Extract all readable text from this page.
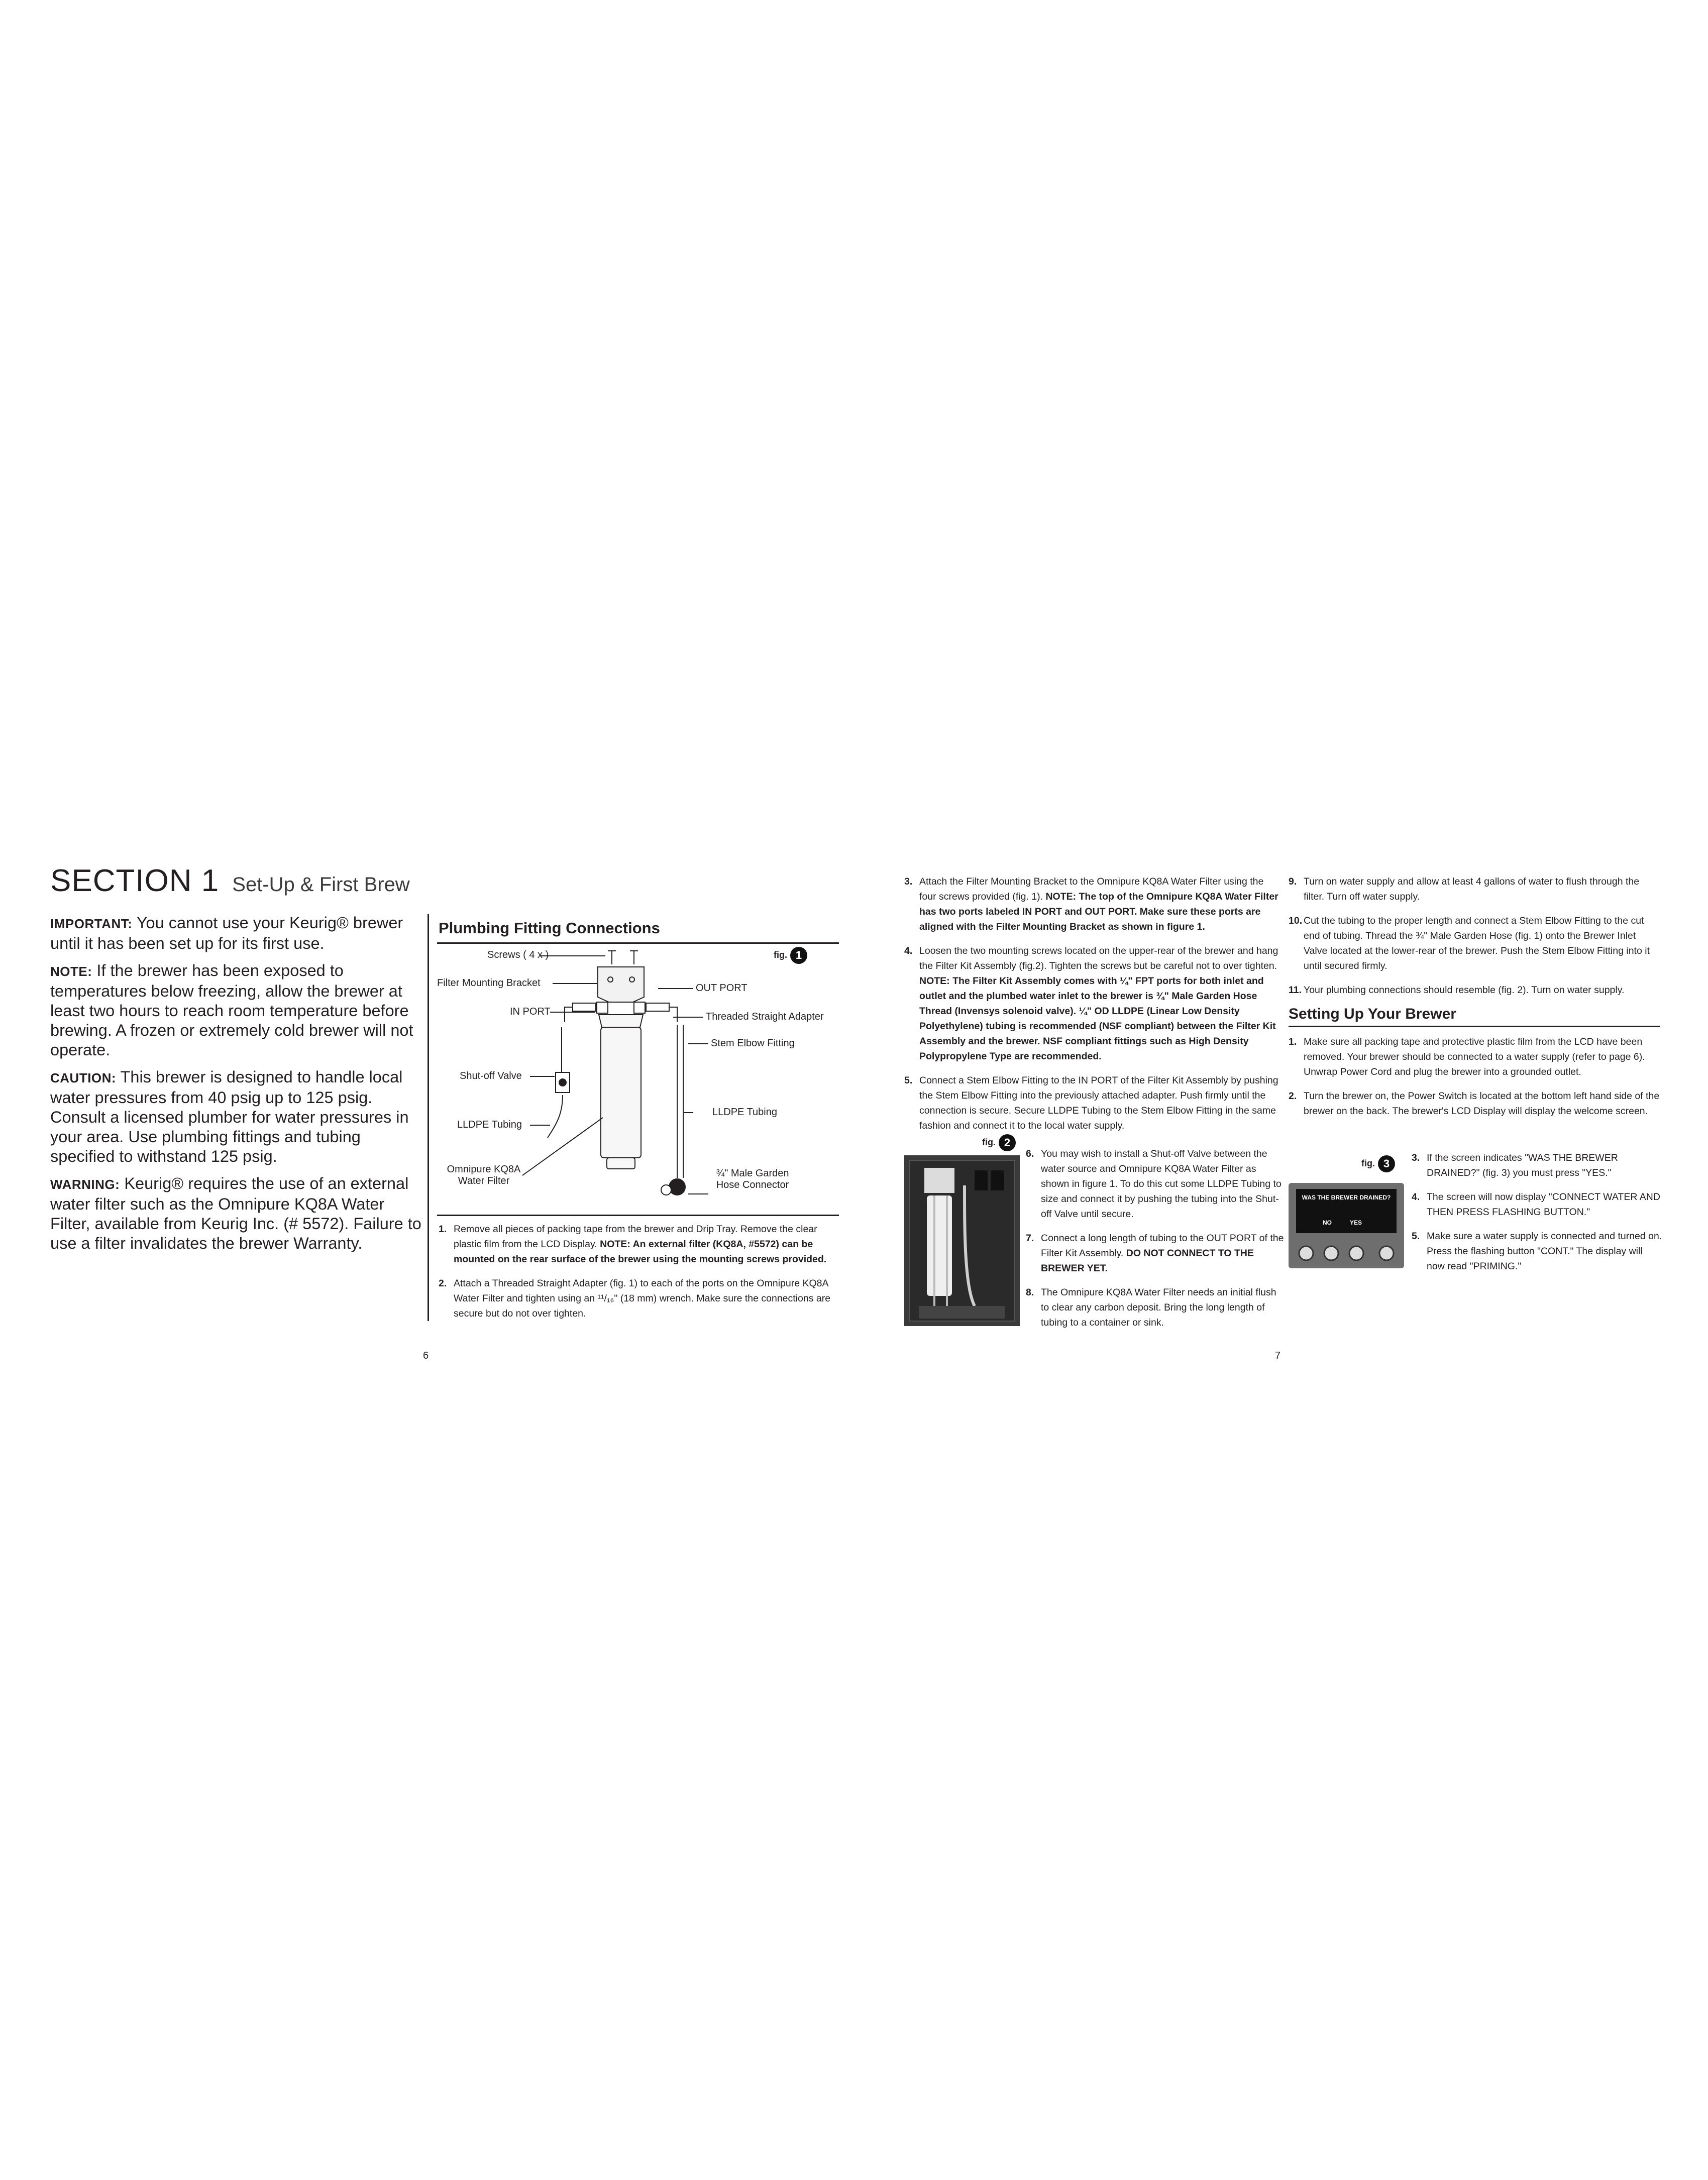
SECTION 1 Set-Up & First Brew

IMPORTANT: You cannot use your Keurig® brewer until it has been set up for its first use.

NOTE: If the brewer has been exposed to temperatures below freezing, allow the brewer at least two hours to reach room temperature before brewing. A frozen or extremely cold brewer will not operate.

CAUTION: This brewer is designed to handle local water pressures from 40 psig up to 125 psig. Consult a licensed plumber for water pressures in your area. Use plumbing fittings and tubing specified to withstand 125 psig.

WARNING: Keurig® requires the use of an external water filter such as the Omnipure KQ8A Water Filter, available from Keurig Inc. (# 5572). Failure to use a filter invalidates the brewer Warranty.

Plumbing Fitting Connections
fig. 1
Screws ( 4 x )
Filter Mounting Bracket
IN PORT
OUT PORT
Threaded Straight Adapter
Stem Elbow Fitting
Shut-off Valve
LLDPE Tubing
LLDPE Tubing
Omnipure KQ8A
Water Filter
¾" Male Garden
Hose Connector
1. Remove all pieces of packing tape from the brewer and Drip Tray. Remove the clear plastic film from the LCD Display. NOTE: An external filter (KQ8A, #5572) can be mounted on the rear surface of the brewer using the mounting screws provided.
2. Attach a Threaded Straight Adapter (fig. 1) to each of the ports on the Omnipure KQ8A Water Filter and tighten using an ¹¹/₁₆" (18 mm) wrench. Make sure the connections are secure but do not over tighten.
6
3. Attach the Filter Mounting Bracket to the Omnipure KQ8A Water Filter using the four screws provided (fig. 1). NOTE: The top of the Omnipure KQ8A Water Filter has two ports labeled IN PORT and OUT PORT. Make sure these ports are aligned with the Filter Mounting Bracket as shown in figure 1.
4. Loosen the two mounting screws located on the upper-rear of the brewer and hang the Filter Kit Assembly (fig.2). Tighten the screws but be careful not to over tighten. NOTE: The Filter Kit Assembly comes with ¼" FPT ports for both inlet and outlet and the plumbed water inlet to the brewer is ¾" Male Garden Hose Thread (Invensys solenoid valve). ¼" OD LLDPE (Linear Low Density Polyethylene) tubing is recommended (NSF compliant) between the Filter Kit Assembly and the brewer. NSF compliant fittings such as High Density Polypropylene Type are recommended.
5. Connect a Stem Elbow Fitting to the IN PORT of the Filter Kit Assembly by pushing the Stem Elbow Fitting into the previously attached adapter. Push firmly until the connection is secure. Secure LLDPE Tubing to the Stem Elbow Fitting in the same fashion and connect it to the local water supply.
fig. 2
6. You may wish to install a Shut-off Valve between the water source and Omnipure KQ8A Water Filter as shown in figure 1. To do this cut some LLDPE Tubing to size and connect it by pushing the tubing into the Shut-off Valve until secure.
7. Connect a long length of tubing to the OUT PORT of the Filter Kit Assembly. DO NOT CONNECT TO THE BREWER YET.
8. The Omnipure KQ8A Water Filter needs an initial flush to clear any carbon deposit. Bring the long length of tubing to a container or sink.
9. Turn on water supply and allow at least 4 gallons of water to flush through the filter. Turn off water supply.
10. Cut the tubing to the proper length and connect a Stem Elbow Fitting to the cut end of tubing. Thread the ¾" Male Garden Hose (fig. 1) onto the Brewer Inlet Valve located at the lower-rear of the brewer. Push the Stem Elbow Fitting into it until secured firmly.
11. Your plumbing connections should resemble (fig. 2). Turn on water supply.
Setting Up Your Brewer
1. Make sure all packing tape and protective plastic film from the LCD have been removed. Your brewer should be connected to a water supply (refer to page 6). Unwrap Power Cord and plug the brewer into a grounded outlet.
2. Turn the brewer on, the Power Switch is located at the bottom left hand side of the brewer on the back. The brewer's LCD Display will display the welcome screen.
fig. 3
WAS THE BREWER DRAINED?
NO	YES
3. If the screen indicates "WAS THE BREWER DRAINED?" (fig. 3) you must press "YES."
4. The screen will now display "CONNECT WATER AND THEN PRESS FLASHING BUTTON."
5. Make sure a water supply is connected and turned on. Press the flashing button "CONT." The display will now read "PRIMING."
7
